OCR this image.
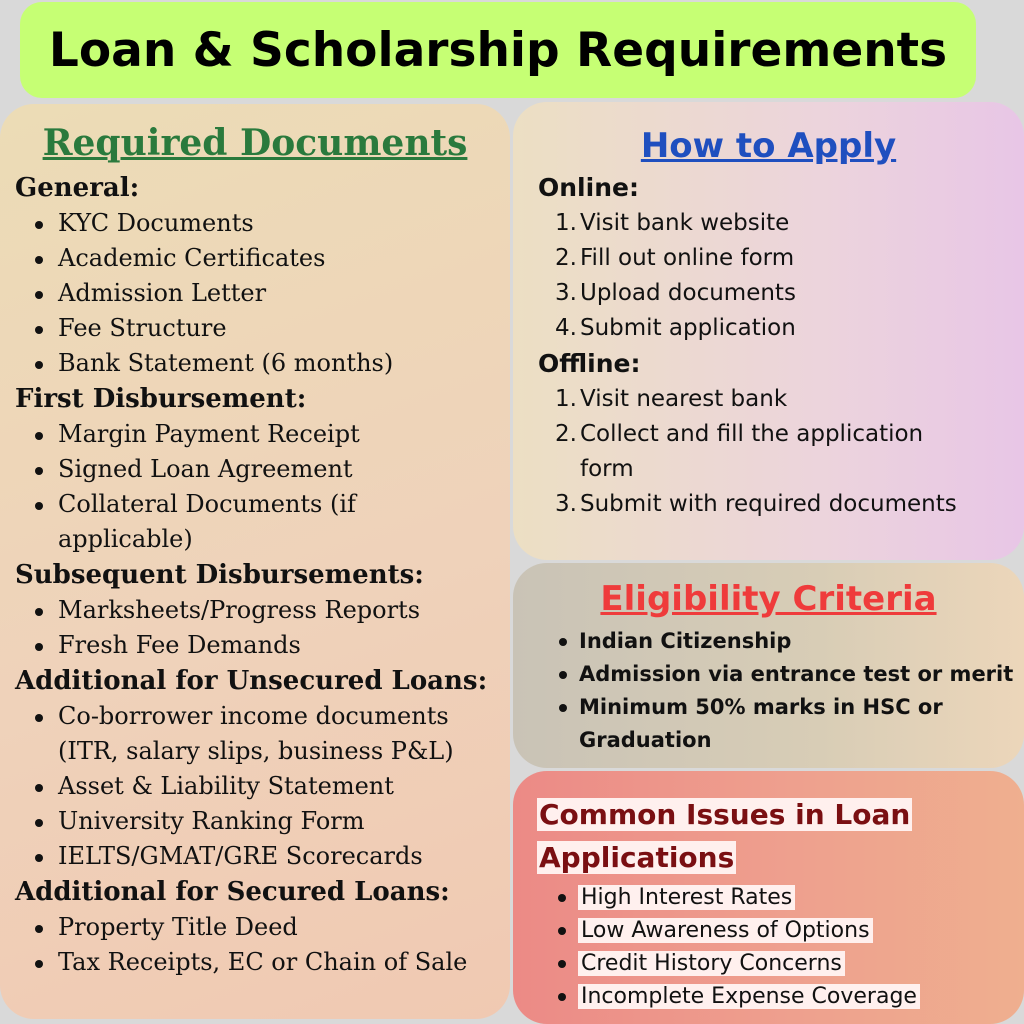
Loan & Scholarship Requirements
Required Documents
General:
KYC Documents
Academic Certificates
Admission Letter
Fee Structure
Bank Statement (6 months)
First Disbursement:
Margin Payment Receipt
Signed Loan Agreement
Collateral Documents (if applicable)
Subsequent Disbursements:
Marksheets/Progress Reports
Fresh Fee Demands
Additional for Unsecured Loans:
Co-borrower income documents (ITR, salary slips, business P&L)
Asset & Liability Statement
University Ranking Form
IELTS/GMAT/GRE Scorecards
Additional for Secured Loans:
Property Title Deed
Tax Receipts, EC or Chain of Sale
How to Apply
Online:
1. Visit bank website
2. Fill out online form
3. Upload documents
4. Submit application
Offline:
1. Visit nearest bank
2. Collect and fill the application form
3. Submit with required documents
Eligibility Criteria
Indian Citizenship
Admission via entrance test or merit
Minimum 50% marks in HSC or Graduation
Common Issues in Loan
Applications
High Interest Rates
Low Awareness of Options
Credit History Concerns
Incomplete Expense Coverage
